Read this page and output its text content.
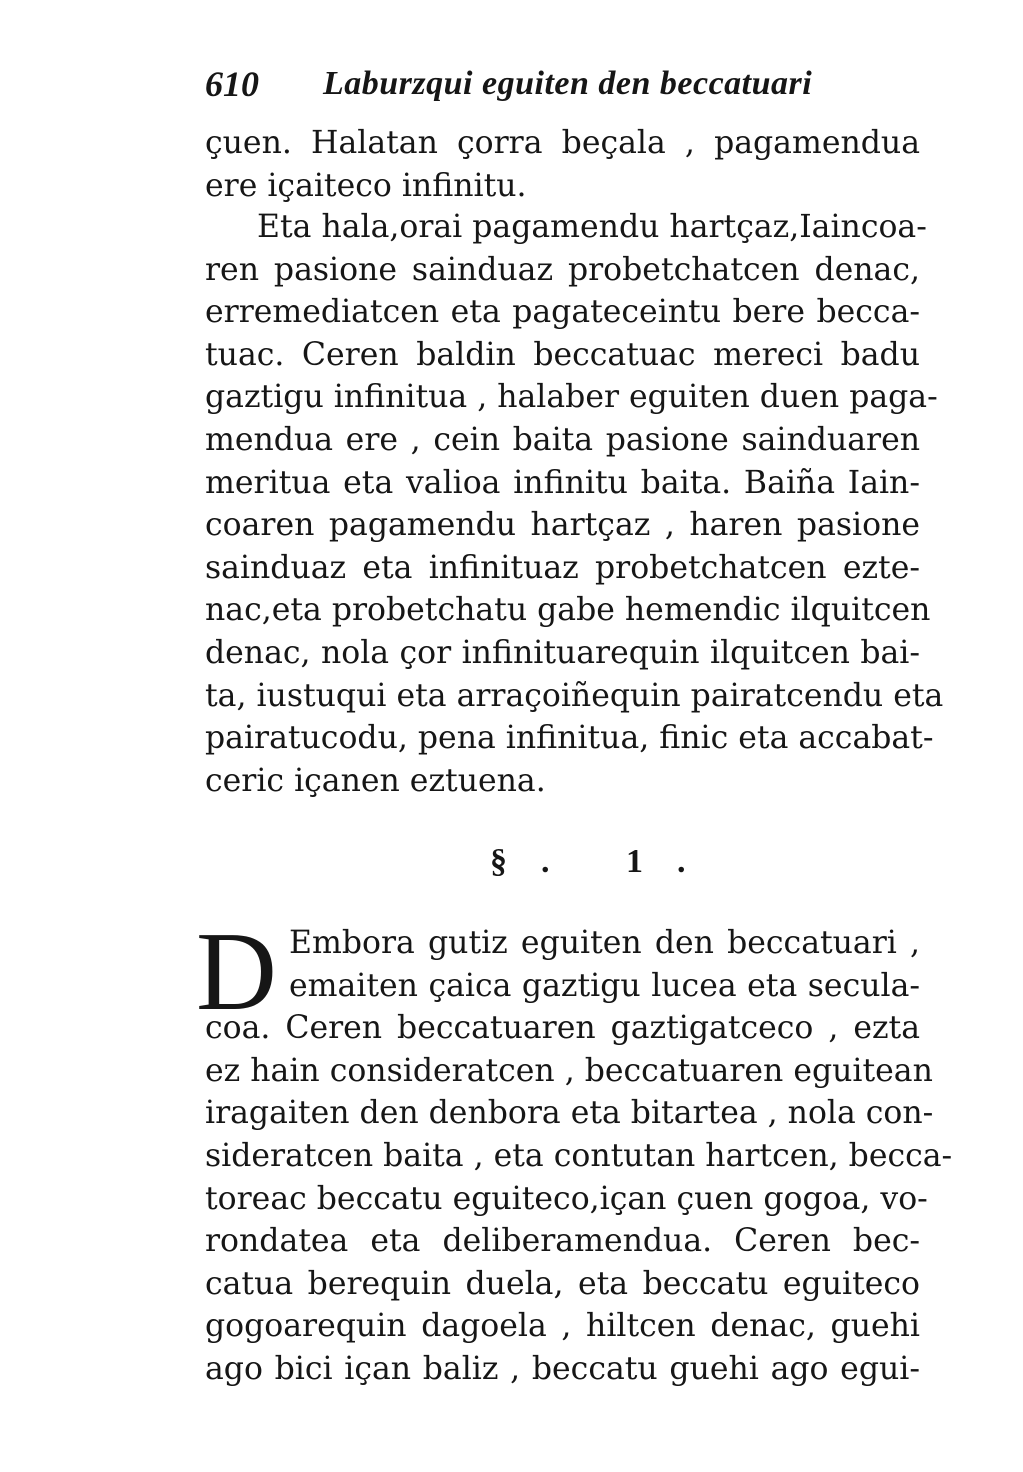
610 Laburzqui eguiten den beccatuari
çuen. Halatan çorra beçala , pagamendua
ere içaiteco infinitu.
Eta hala,orai pagamendu hartçaz,Iaincoa-
ren pasione sainduaz probetchatcen denac,
erremediatcen eta pagateceintu bere becca-
tuac. Ceren baldin beccatuac mereci badu
gaztigu infinitua , halaber eguiten duen paga-
mendua ere , cein baita pasione sainduaren
meritua eta valioa infinitu baita. Baiña Iain-
coaren pagamendu hartçaz , haren pasione
sainduaz eta infinituaz probetchatcen ezte-
nac,eta probetchatu gabe hemendic ilquitcen
denac, nola çor infinituarequin ilquitcen bai-
ta, iustuqui eta arraçoiñequin pairatcendu eta
pairatucodu, pena infinitua, finic eta accabat-
ceric içanen eztuena.
§. 1.
D Embora gutiz eguiten den beccatuari ,
emaiten çaica gaztigu lucea eta secula-
coa. Ceren beccatuaren gaztigatceco , ezta
ez hain consideratcen , beccatuaren eguitean
iragaiten den denbora eta bitartea , nola con-
sideratcen baita , eta contutan hartcen, becca-
toreac beccatu eguiteco,içan çuen gogoa, vo-
rondatea eta deliberamendua. Ceren bec-
catua berequin duela, eta beccatu eguiteco
gogoarequin dagoela , hiltcen denac, guehi
ago bici içan baliz , beccatu guehi ago egui-
